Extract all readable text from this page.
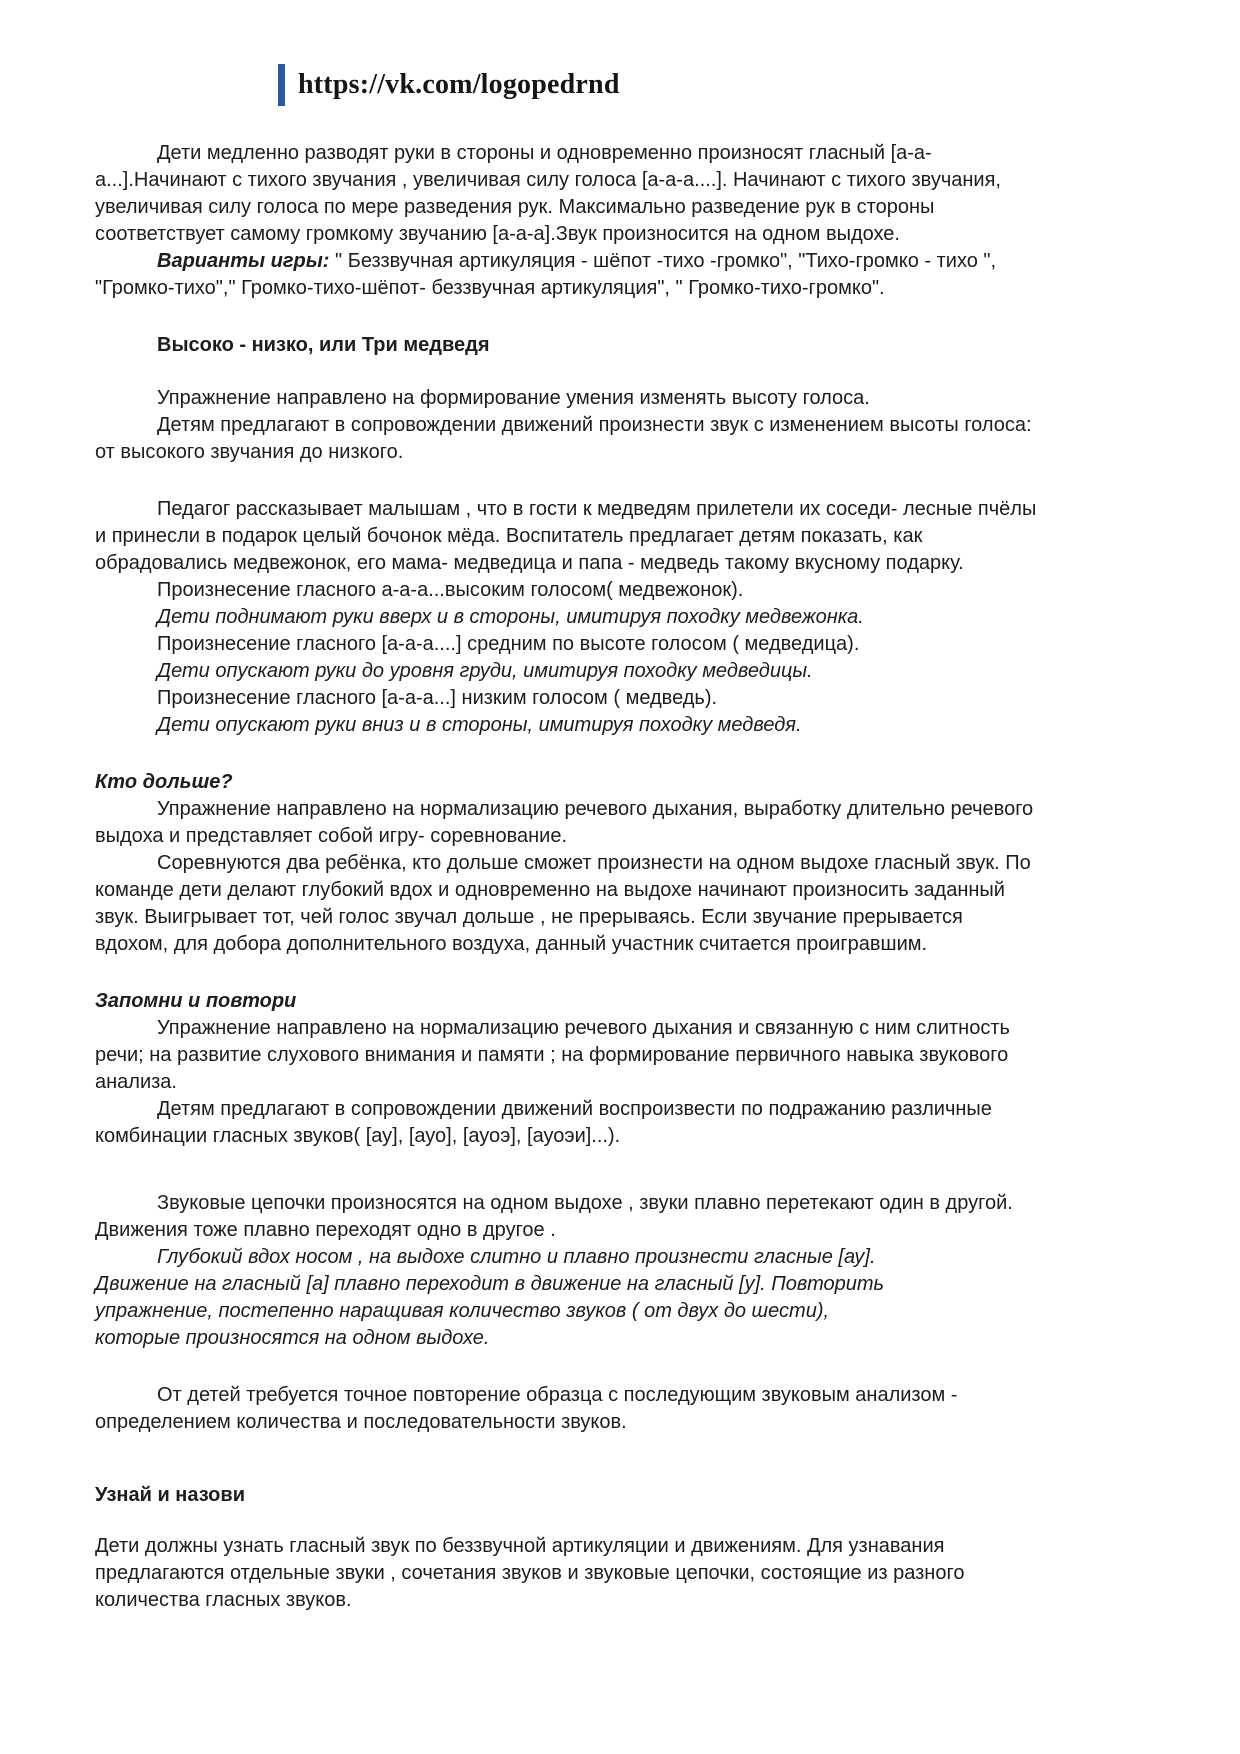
https://vk.com/logopedrnd

Дети медленно разводят руки в стороны и одновременно произносят гласный [а-а-а...].Начинают с тихого звучания , увеличивая силу голоса [а-а-а....]. Начинают с тихого звучания, увеличивая силу голоса по мере разведения рук. Максимально разведение рук в стороны соответствует самому громкому звучанию [а-а-а].Звук произносится на одном выдохе.

Варианты игры: " Беззвучная артикуляция - шёпот -тихо -громко", "Тихо-громко - тихо ", "Громко-тихо"," Громко-тихо-шёпот- беззвучная артикуляция", " Громко-тихо-громко".

Высоко - низко, или Три медведя

Упражнение направлено на формирование умения изменять высоту голоса.

Детям предлагают в сопровождении движений произнести звук с изменением высоты голоса: от высокого звучания до низкого.

Педагог рассказывает малышам , что в гости к медведям прилетели их соседи- лесные пчёлы и принесли в подарок целый бочонок мёда. Воспитатель предлагает детям показать, как обрадовались медвежонок, его мама- медведица и папа - медведь такому вкусному подарку.

Произнесение гласного а-а-а...высоким голосом( медвежонок).

Дети поднимают руки вверх и в стороны, имитируя походку медвежонка.

Произнесение гласного [а-а-а....] средним по высоте голосом ( медведица).

Дети опускают руки до уровня груди, имитируя походку медведицы.

Произнесение гласного [а-а-а...] низким голосом ( медведь).

Дети опускают руки вниз и в стороны, имитируя походку медведя.

Кто дольше?

Упражнение направлено на нормализацию речевого дыхания, выработку длительно речевого выдоха и представляет собой игру- соревнование.

Соревнуются два ребёнка, кто дольше сможет произнести на одном выдохе гласный звук. По команде дети делают глубокий вдох и одновременно на выдохе начинают произносить заданный звук. Выигрывает тот, чей голос звучал дольше , не прерываясь. Если звучание прерывается вдохом, для добора дополнительного воздуха, данный участник считается проигравшим.

Запомни и повтори

Упражнение направлено на нормализацию речевого дыхания и связанную с ним слитность речи; на развитие слухового внимания и памяти ; на формирование первичного навыка звукового анализа.

Детям предлагают в сопровождении движений воспроизвести по подражанию различные комбинации гласных звуков( [ау], [ауо], [ауоэ], [ауоэи]...).

Звуковые цепочки произносятся на одном выдохе , звуки плавно перетекают один в другой. Движения тоже плавно переходят одно в другое .

Глубокий вдох носом , на выдохе слитно и плавно произнести гласные [ау]. Движение на гласный [а] плавно переходит в движение на гласный [у]. Повторить упражнение, постепенно наращивая количество звуков ( от двух до шести), которые произносятся на одном выдохе.

От детей требуется точное повторение образца с последующим звуковым анализом - определением количества и последовательности звуков.

Узнай и назови

Дети должны узнать гласный звук по беззвучной артикуляции и движениям. Для узнавания предлагаются отдельные звуки , сочетания звуков и звуковые цепочки, состоящие из разного количества гласных звуков.
